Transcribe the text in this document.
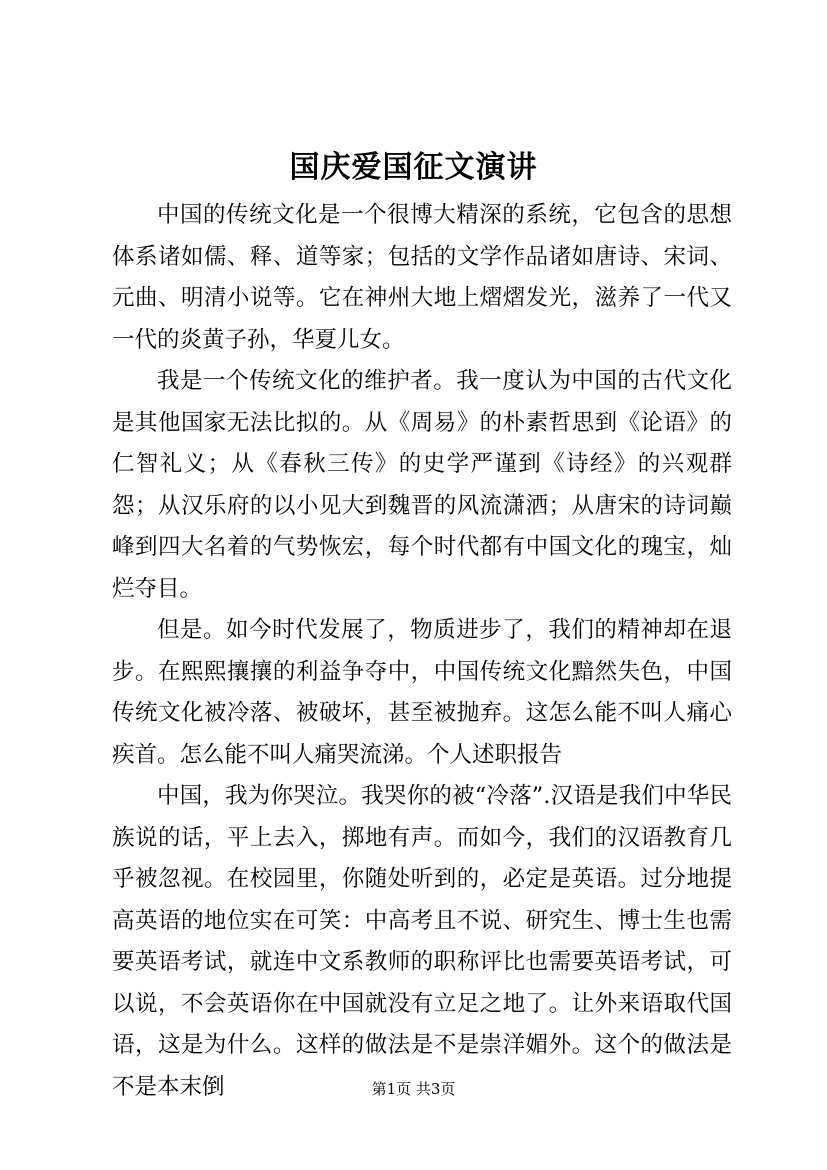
国庆爱国征文演讲

中国的传统文化是一个很博大精深的系统，它包含的思想体系诸如儒、释、道等家；包括的文学作品诸如唐诗、宋词、元曲、明清小说等。它在神州大地上熠熠发光，滋养了一代又一代的炎黄子孙，华夏儿女。

我是一个传统文化的维护者。我一度认为中国的古代文化是其他国家无法比拟的。从《周易》的朴素哲思到《论语》的仁智礼义；从《春秋三传》的史学严谨到《诗经》的兴观群怨；从汉乐府的以小见大到魏晋的风流潇洒；从唐宋的诗词巅峰到四大名着的气势恢宏，每个时代都有中国文化的瑰宝，灿烂夺目。

但是。如今时代发展了，物质进步了，我们的精神却在退步。在熙熙攘攘的利益争夺中，中国传统文化黯然失色，中国传统文化被冷落、被破坏，甚至被抛弃。这怎么能不叫人痛心疾首。怎么能不叫人痛哭流涕。个人述职报告

中国，我为你哭泣。我哭你的被“冷落”.汉语是我们中华民族说的话，平上去入，掷地有声。而如今，我们的汉语教育几乎被忽视。在校园里，你随处听到的，必定是英语。过分地提高英语的地位实在可笑：中高考且不说、研究生、博士生也需要英语考试，就连中文系教师的职称评比也需要英语考试，可以说，不会英语你在中国就没有立足之地了。让外来语取代国语，这是为什么。这样的做法是不是崇洋媚外。这个的做法是不是本末倒	第1页 共3页
